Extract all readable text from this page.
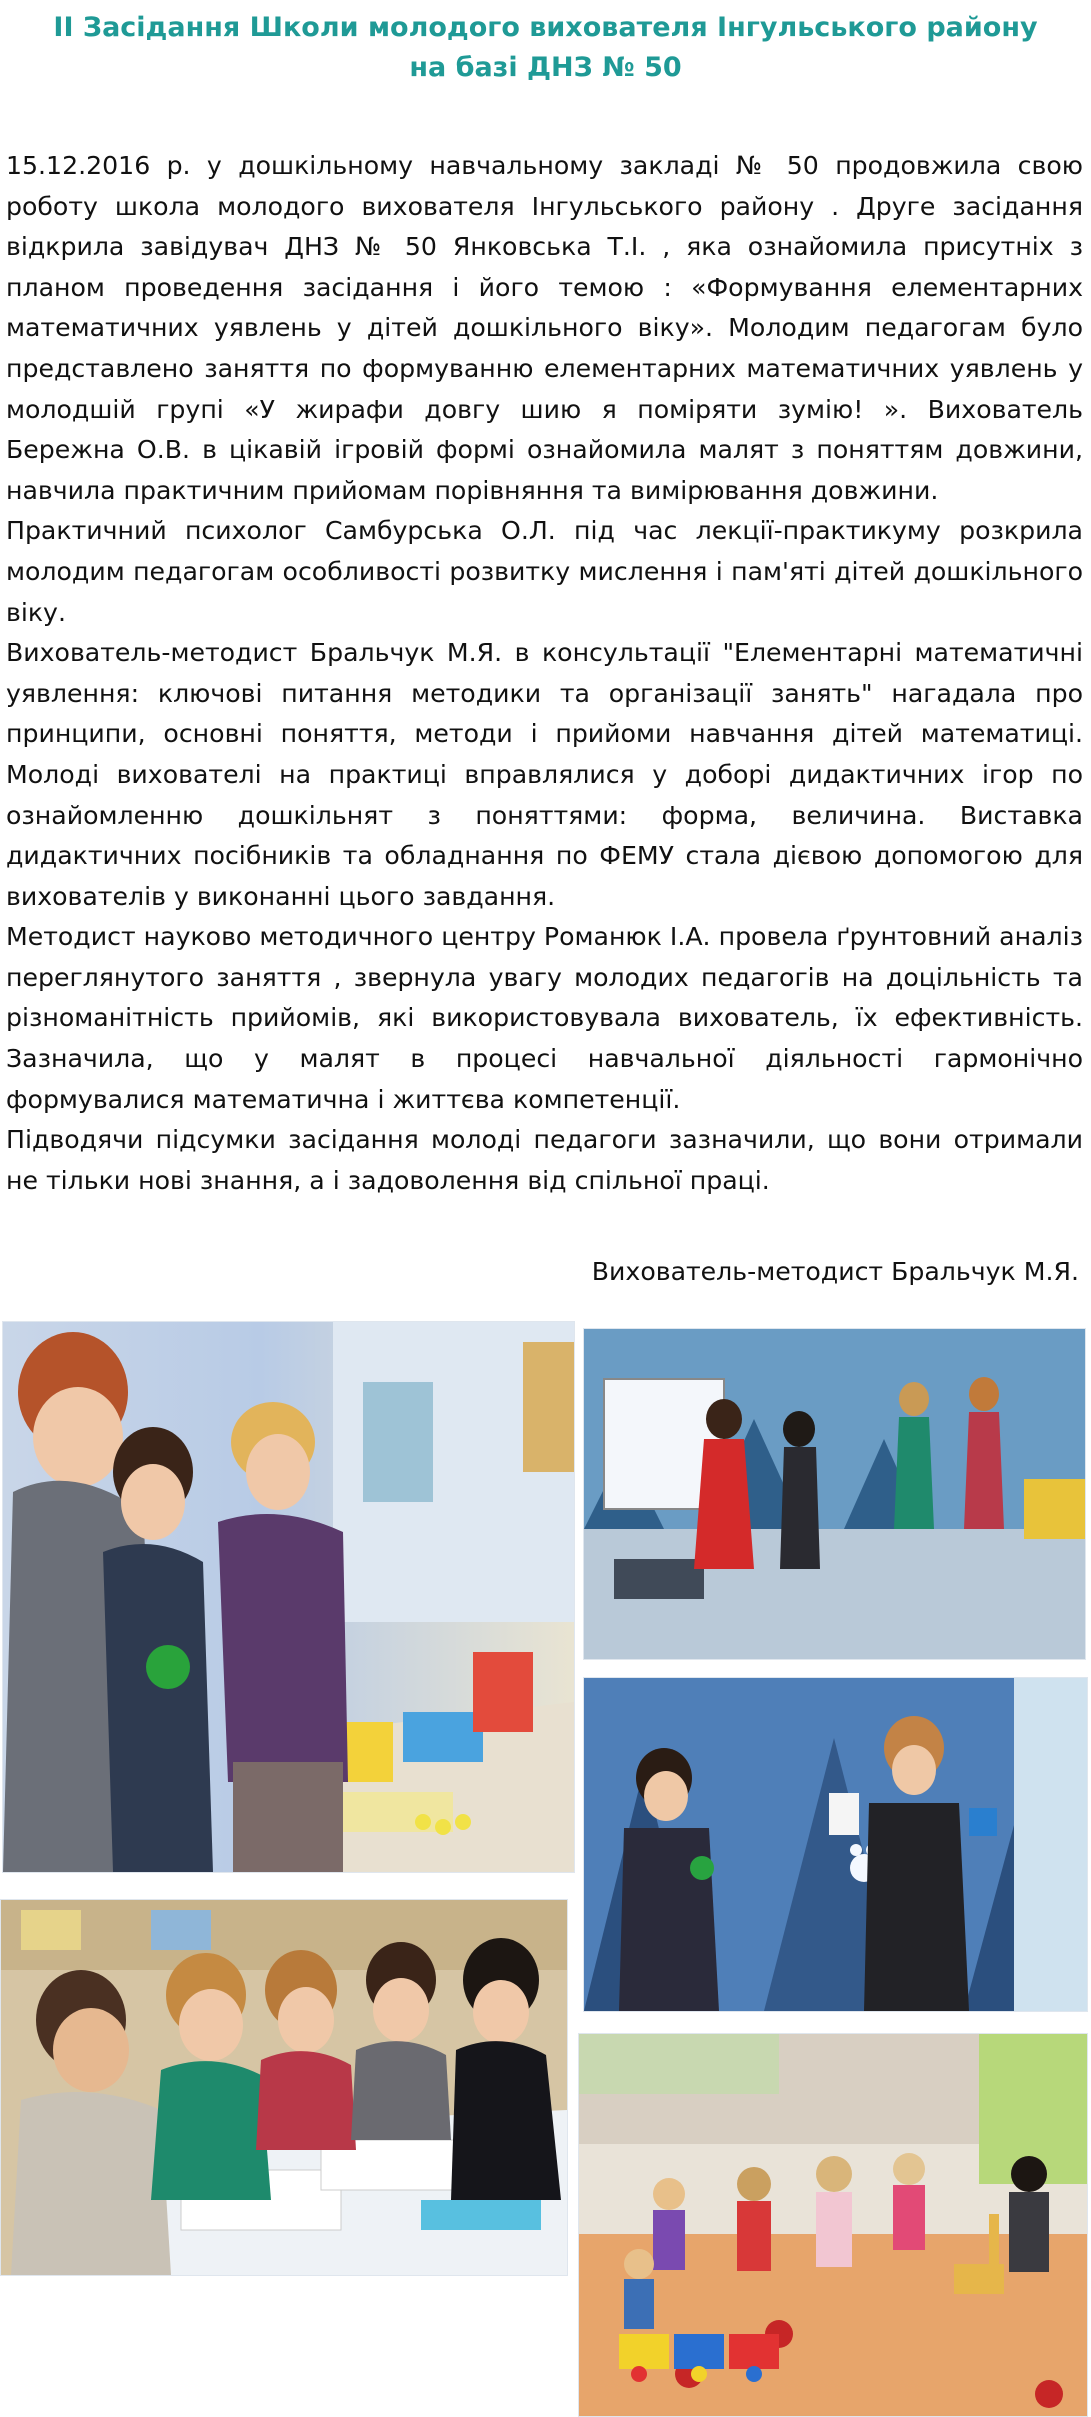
II Засідання Школи молодого вихователя Інгульського району
на базі ДНЗ № 50

15.12.2016 р. у дошкільному навчальному закладі № 50 продовжила свою роботу школа молодого вихователя Інгульського району . Друге засідання відкрила завідувач ДНЗ № 50 Янковська Т.І. , яка ознайомила присутніх з планом проведення засідання і його темою : «Формування елементарних математичних уявлень у дітей дошкільного віку». Молодим педагогам було представлено заняття по формуванню елементарних математичних уявлень у молодшій групі «У жирафи довгу шию я поміряти зумію! ». Вихователь Бережна О.В. в цікавій ігровій формі ознайомила малят з поняттям довжини, навчила практичним прийомам порівняння та вимірювання довжини.

Практичний психолог Самбурська О.Л. під час лекції-практикуму розкрила молодим педагогам особливості розвитку мислення і пам'яті дітей дошкільного віку.

Вихователь-методист Бральчук М.Я. в консультації "Елементарні математичні уявлення: ключові питання методики та організації занять" нагадала про принципи, основні поняття, методи і прийоми навчання дітей математиці. Молоді вихователі на практиці вправлялися у доборі дидактичних ігор по ознайомленню дошкільнят з поняттями: форма, величина. Виставка дидактичних посібників та обладнання по ФЕМУ стала дієвою допомогою для вихователів у виконанні цього завдання.

Методист науково методичного центру Романюк І.А. провела ґрунтовний аналіз переглянутого заняття , звернула увагу молодих педагогів на доцільність та різноманітність прийомів, які використовувала вихователь, їх ефективність. Зазначила, що у малят в процесі навчальної діяльності гармонічно формувалися математична і життєва компетенції.

Підводячи підсумки засідання молоді педагоги зазначили, що вони отримали не тільки нові знання, а і задоволення від спільної праці.

Вихователь-методист Бральчук М.Я.
